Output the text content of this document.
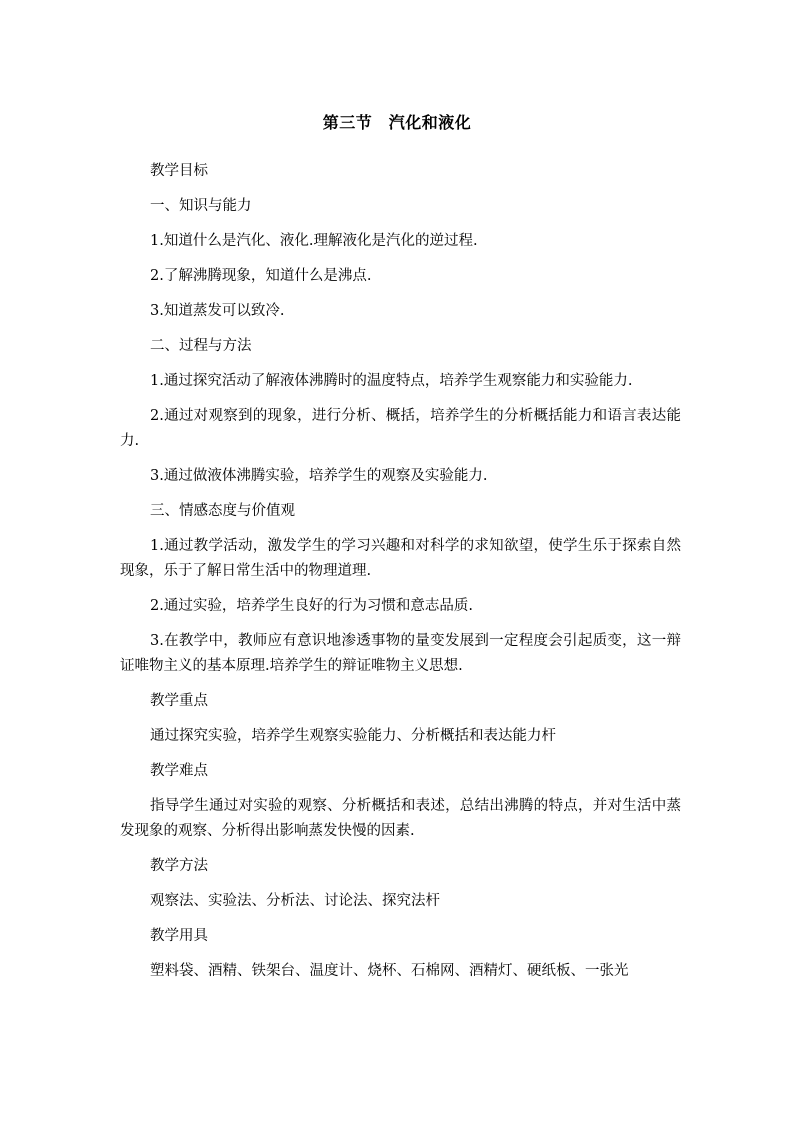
第三节　汽化和液化

教学目标

一、知识与能力

1.知道什么是汽化、液化.理解液化是汽化的逆过程.

2.了解沸腾现象，知道什么是沸点.

3.知道蒸发可以致冷.

二、过程与方法

1.通过探究活动了解液体沸腾时的温度特点，培养学生观察能力和实验能力.

2.通过对观察到的现象，进行分析、概括，培养学生的分析概括能力和语言表达能力.

3.通过做液体沸腾实验，培养学生的观察及实验能力.

三、情感态度与价值观

1.通过教学活动，激发学生的学习兴趣和对科学的求知欲望，使学生乐于探索自然现象，乐于了解日常生活中的物理道理.

2.通过实验，培养学生良好的行为习惯和意志品质.

3.在教学中，教师应有意识地渗透事物的量变发展到一定程度会引起质变，这一辩证唯物主义的基本原理.培养学生的辩证唯物主义思想.

教学重点

通过探究实验，培养学生观察实验能力、分析概括和表达能力杆

教学难点

指导学生通过对实验的观察、分析概括和表述，总结出沸腾的特点，并对生活中蒸发现象的观察、分析得出影响蒸发快慢的因素.

教学方法

观察法、实验法、分析法、讨论法、探究法杆

教学用具

塑料袋、酒精、铁架台、温度计、烧杯、石棉网、酒精灯、硬纸板、一张光
